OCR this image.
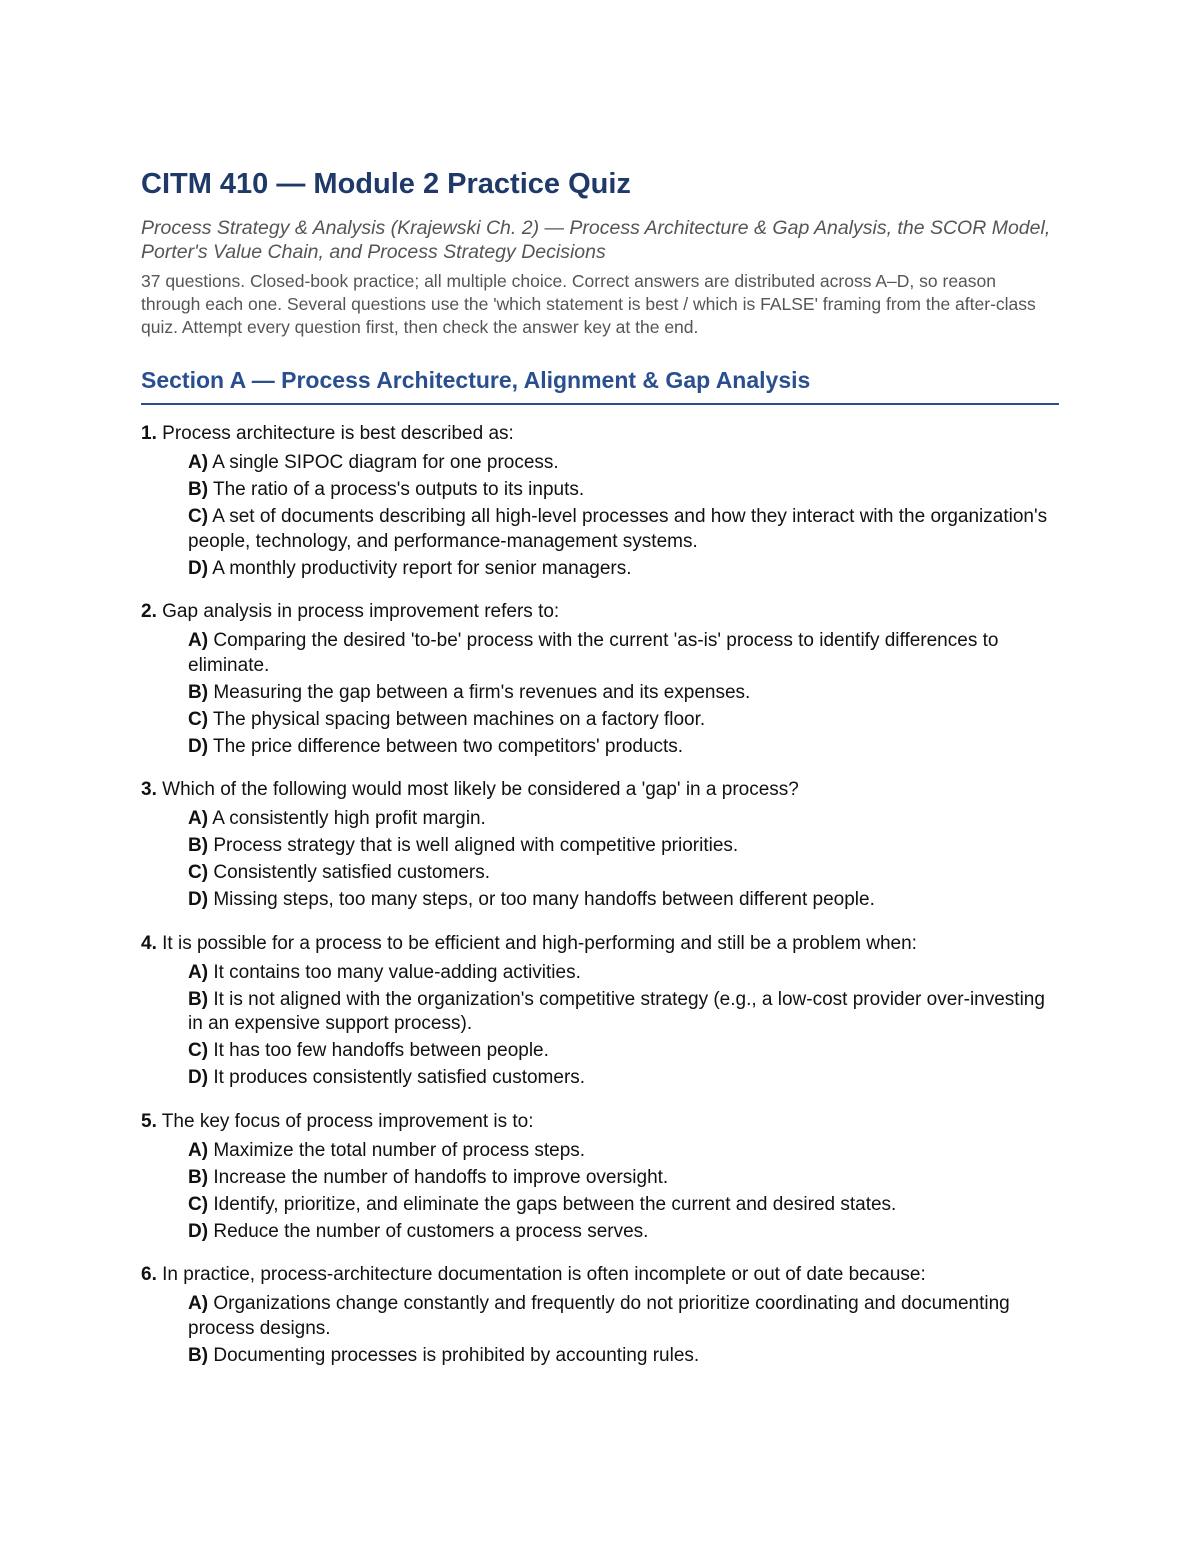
CITM 410 — Module 2 Practice Quiz
Process Strategy & Analysis (Krajewski Ch. 2) — Process Architecture & Gap Analysis, the SCOR Model, Porter's Value Chain, and Process Strategy Decisions
37 questions. Closed-book practice; all multiple choice. Correct answers are distributed across A–D, so reason through each one. Several questions use the 'which statement is best / which is FALSE' framing from the after-class quiz. Attempt every question first, then check the answer key at the end.
Section A — Process Architecture, Alignment & Gap Analysis
1. Process architecture is best described as:
A) A single SIPOC diagram for one process.
B) The ratio of a process's outputs to its inputs.
C) A set of documents describing all high-level processes and how they interact with the organization's people, technology, and performance-management systems.
D) A monthly productivity report for senior managers.
2. Gap analysis in process improvement refers to:
A) Comparing the desired 'to-be' process with the current 'as-is' process to identify differences to eliminate.
B) Measuring the gap between a firm's revenues and its expenses.
C) The physical spacing between machines on a factory floor.
D) The price difference between two competitors' products.
3. Which of the following would most likely be considered a 'gap' in a process?
A) A consistently high profit margin.
B) Process strategy that is well aligned with competitive priorities.
C) Consistently satisfied customers.
D) Missing steps, too many steps, or too many handoffs between different people.
4. It is possible for a process to be efficient and high-performing and still be a problem when:
A) It contains too many value-adding activities.
B) It is not aligned with the organization's competitive strategy (e.g., a low-cost provider over-investing in an expensive support process).
C) It has too few handoffs between people.
D) It produces consistently satisfied customers.
5. The key focus of process improvement is to:
A) Maximize the total number of process steps.
B) Increase the number of handoffs to improve oversight.
C) Identify, prioritize, and eliminate the gaps between the current and desired states.
D) Reduce the number of customers a process serves.
6. In practice, process-architecture documentation is often incomplete or out of date because:
A) Organizations change constantly and frequently do not prioritize coordinating and documenting process designs.
B) Documenting processes is prohibited by accounting rules.
